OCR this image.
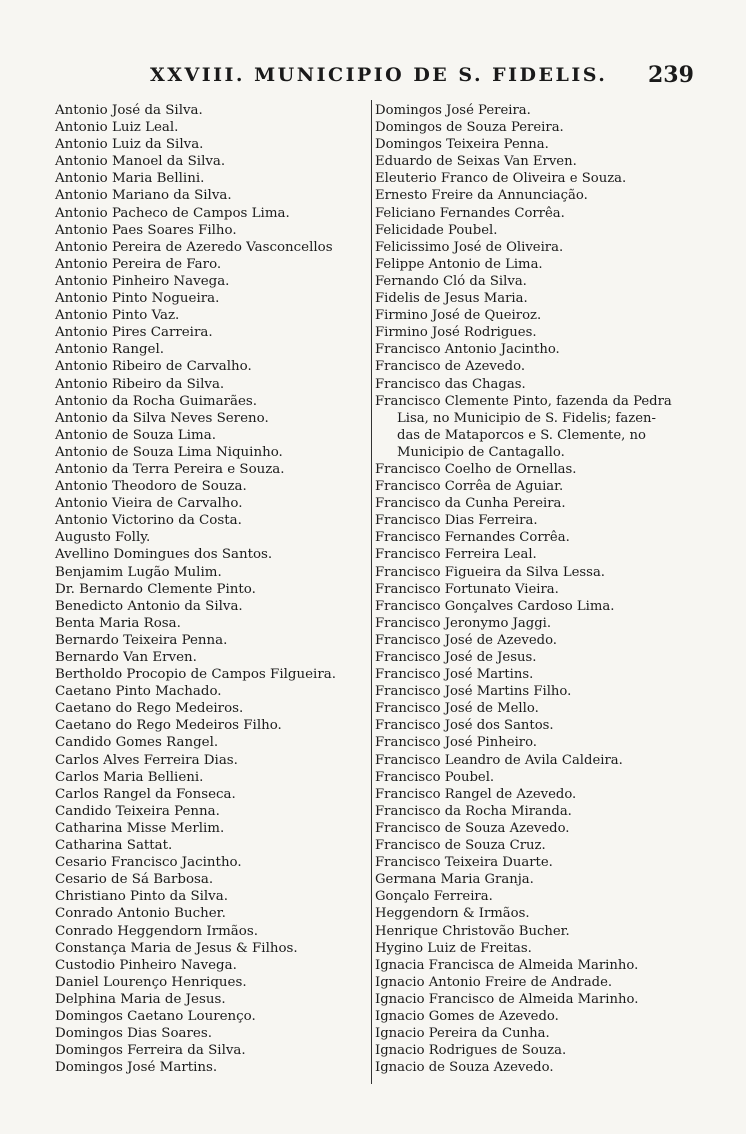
XXVIII. MUNICIPIO DE S. FIDELIS. 239
Antonio José da Silva.
Antonio Luiz Leal.
Antonio Luiz da Silva.
Antonio Manoel da Silva.
Antonio Maria Bellini.
Antonio Mariano da Silva.
Antonio Pacheco de Campos Lima.
Antonio Paes Soares Filho.
Antonio Pereira de Azeredo Vasconcellos
Antonio Pereira de Faro.
Antonio Pinheiro Navega.
Antonio Pinto Nogueira.
Antonio Pinto Vaz.
Antonio Pires Carreira.
Antonio Rangel.
Antonio Ribeiro de Carvalho.
Antonio Ribeiro da Silva.
Antonio da Rocha Guimarães.
Antonio da Silva Neves Sereno.
Antonio de Souza Lima.
Antonio de Souza Lima Niquinho.
Antonio da Terra Pereira e Souza.
Antonio Theodoro de Souza.
Antonio Vieira de Carvalho.
Antonio Victorino da Costa.
Augusto Folly.
Avellino Domingues dos Santos.
Benjamim Lugão Mulim.
Dr. Bernardo Clemente Pinto.
Benedicto Antonio da Silva.
Benta Maria Rosa.
Bernardo Teixeira Penna.
Bernardo Van Erven.
Bertholdo Procopio de Campos Filgueira.
Caetano Pinto Machado.
Caetano do Rego Medeiros.
Caetano do Rego Medeiros Filho.
Candido Gomes Rangel.
Carlos Alves Ferreira Dias.
Carlos Maria Bellieni.
Carlos Rangel da Fonseca.
Candido Teixeira Penna.
Catharina Misse Merlim.
Catharina Sattat.
Cesario Francisco Jacintho.
Cesario de Sá Barbosa.
Christiano Pinto da Silva.
Conrado Antonio Bucher.
Conrado Heggendorn Irmãos.
Constança Maria de Jesus & Filhos.
Custodio Pinheiro Navega.
Daniel Lourenço Henriques.
Delphina Maria de Jesus.
Domingos Caetano Lourenço.
Domingos Dias Soares.
Domingos Ferreira da Silva.
Domingos José Martins.
Domingos José Pereira.
Domingos de Souza Pereira.
Domingos Teixeira Penna.
Eduardo de Seixas Van Erven.
Eleuterio Franco de Oliveira e Souza.
Ernesto Freire da Annunciação.
Feliciano Fernandes Corrêa.
Felicidade Poubel.
Felicissimo José de Oliveira.
Felippe Antonio de Lima.
Fernando Cló da Silva.
Fidelis de Jesus Maria.
Firmino José de Queiroz.
Firmino José Rodrigues.
Francisco Antonio Jacintho.
Francisco de Azevedo.
Francisco das Chagas.
Francisco Clemente Pinto, fazenda da Pedra
Lisa, no Municipio de S. Fidelis; fazen-
das de Mataporcos e S. Clemente, no
Municipio de Cantagallo.
Francisco Coelho de Ornellas.
Francisco Corrêa de Aguiar.
Francisco da Cunha Pereira.
Francisco Dias Ferreira.
Francisco Fernandes Corrêa.
Francisco Ferreira Leal.
Francisco Figueira da Silva Lessa.
Francisco Fortunato Vieira.
Francisco Gonçalves Cardoso Lima.
Francisco Jeronymo Jaggi.
Francisco José de Azevedo.
Francisco José de Jesus.
Francisco José Martins.
Francisco José Martins Filho.
Francisco José de Mello.
Francisco José dos Santos.
Francisco José Pinheiro.
Francisco Leandro de Avila Caldeira.
Francisco Poubel.
Francisco Rangel de Azevedo.
Francisco da Rocha Miranda.
Francisco de Souza Azevedo.
Francisco de Souza Cruz.
Francisco Teixeira Duarte.
Germana Maria Granja.
Gonçalo Ferreira.
Heggendorn & Irmãos.
Henrique Christovão Bucher.
Hygino Luiz de Freitas.
Ignacia Francisca de Almeida Marinho.
Ignacio Antonio Freire de Andrade.
Ignacio Francisco de Almeida Marinho.
Ignacio Gomes de Azevedo.
Ignacio Pereira da Cunha.
Ignacio Rodrigues de Souza.
Ignacio de Souza Azevedo.
